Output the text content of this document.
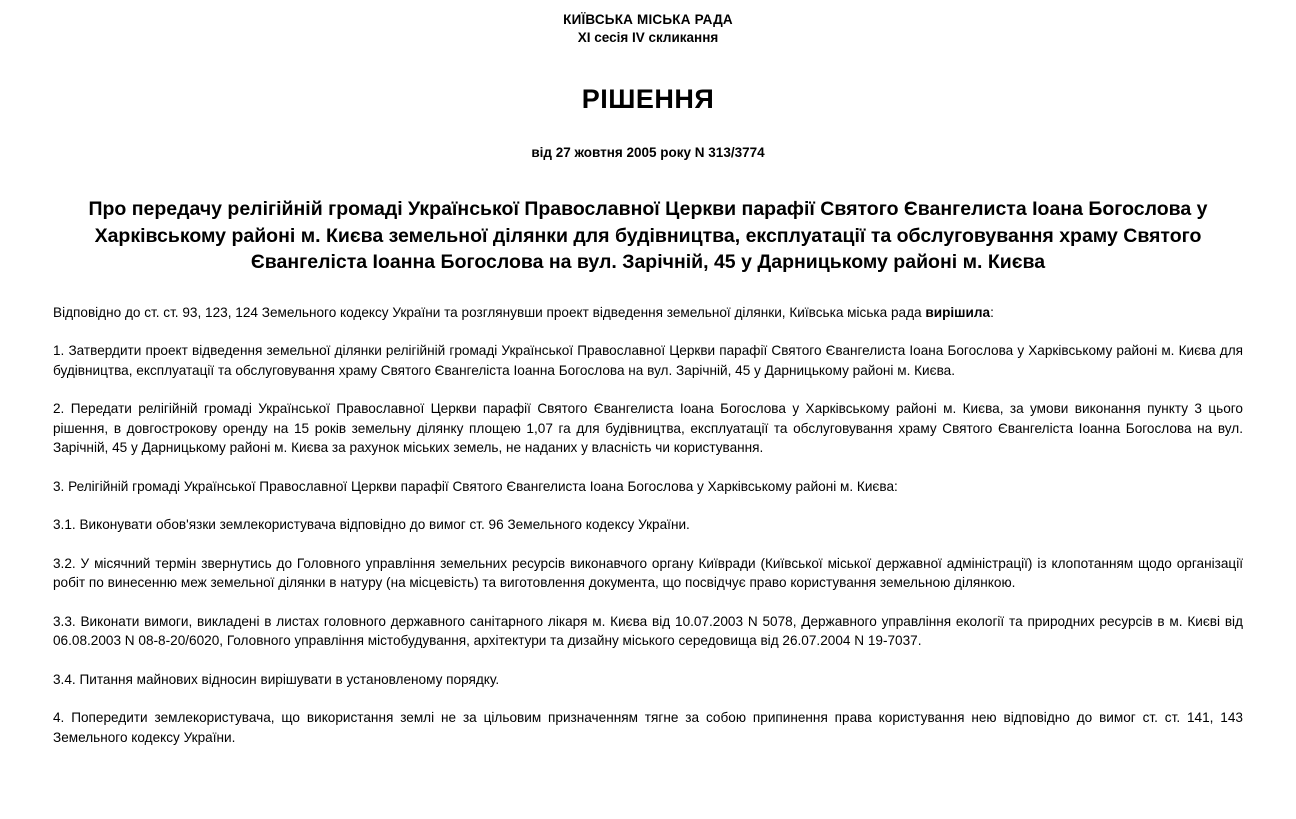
КИЇВСЬКА МІСЬКА РАДА
XI сесія IV скликання
РІШЕННЯ
від 27 жовтня 2005 року N 313/3774
Про передачу релігійній громаді Української Православної Церкви парафії Святого Євангелиста Іоана Богослова у Харківському районі м. Києва земельної ділянки для будівництва, експлуатації та обслуговування храму Святого Євангеліста Іоанна Богослова на вул. Зарічній, 45 у Дарницькому районі м. Києва

Відповідно до ст. ст. 93, 123, 124 Земельного кодексу України та розглянувши проект відведення земельної ділянки, Київська міська рада вирішила:

1. Затвердити проект відведення земельної ділянки релігійній громаді Української Православної Церкви парафії Святого Євангелиста Іоана Богослова у Харківському районі м. Києва для будівництва, експлуатації та обслуговування храму Святого Євангеліста Іоанна Богослова на вул. Зарічній, 45 у Дарницькому районі м. Києва.

2. Передати релігійній громаді Української Православної Церкви парафії Святого Євангелиста Іоана Богослова у Харківському районі м. Києва, за умови виконання пункту 3 цього рішення, в довгострокову оренду на 15 років земельну ділянку площею 1,07 га для будівництва, експлуатації та обслуговування храму Святого Євангеліста Іоанна Богослова на вул. Зарічній, 45 у Дарницькому районі м. Києва за рахунок міських земель, не наданих у власність чи користування.

3. Релігійній громаді Української Православної Церкви парафії Святого Євангелиста Іоана Богослова у Харківському районі м. Києва:

3.1. Виконувати обов'язки землекористувача відповідно до вимог ст. 96 Земельного кодексу України.

3.2. У місячний термін звернутись до Головного управління земельних ресурсів виконавчого органу Київради (Київської міської державної адміністрації) із клопотанням щодо організації робіт по винесенню меж земельної ділянки в натуру (на місцевість) та виготовлення документа, що посвідчує право користування земельною ділянкою.

3.3. Виконати вимоги, викладені в листах головного державного санітарного лікаря м. Києва від 10.07.2003 N 5078, Державного управління екології та природних ресурсів в м. Києві від 06.08.2003 N 08-8-20/6020, Головного управління містобудування, архітектури та дизайну міського середовища від 26.07.2004 N 19-7037.

3.4. Питання майнових відносин вирішувати в установленому порядку.

4. Попередити землекористувача, що використання землі не за цільовим призначенням тягне за собою припинення права користування нею відповідно до вимог ст. ст. 141, 143 Земельного кодексу України.
